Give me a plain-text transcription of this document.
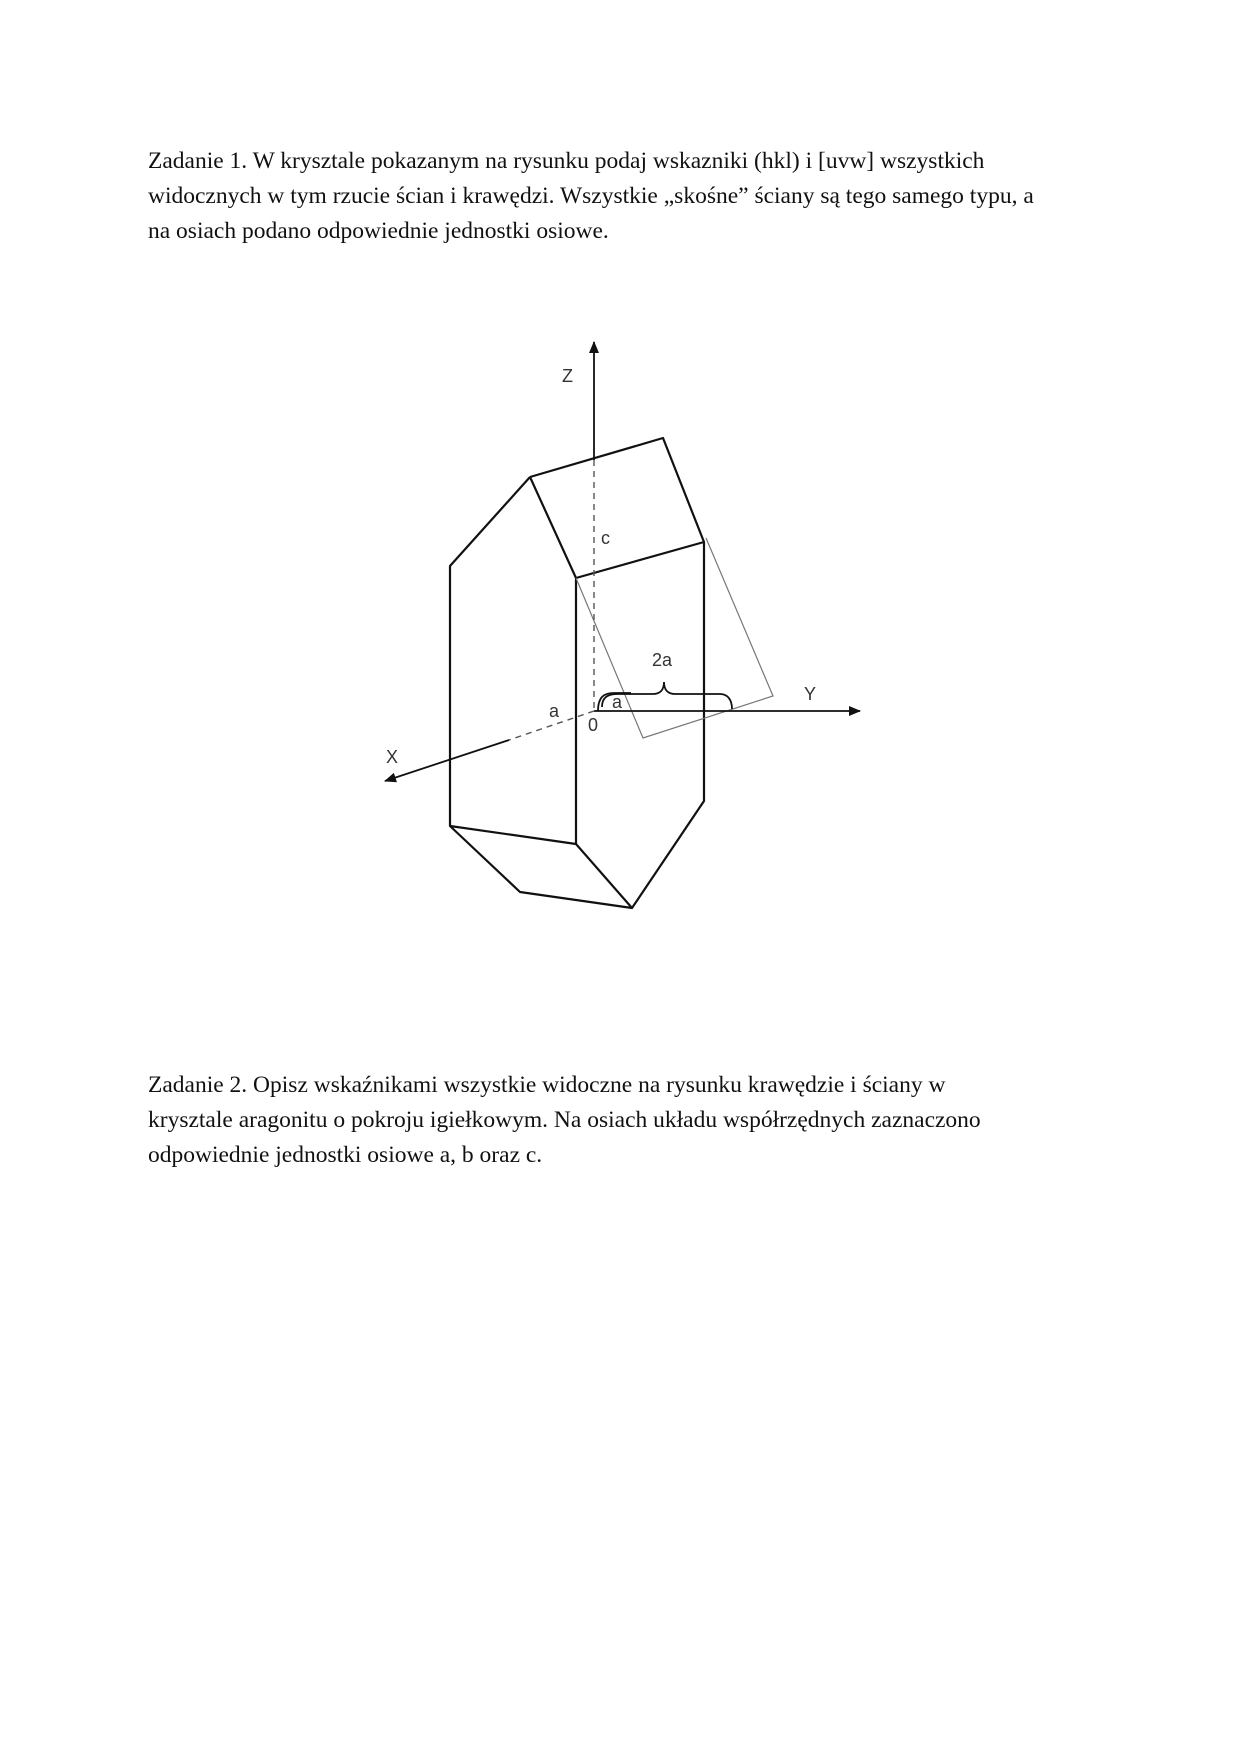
Zadanie 1. W krysztale pokazanym na rysunku podaj wskazniki (hkl) i [uvw] wszystkich
widocznych w tym rzucie ścian i krawędzi. Wszystkie „skośne” ściany są tego samego typu, a
na osiach podano odpowiednie jednostki osiowe.
Z
Y
X
c
2a
a
a
0
Zadanie 2. Opisz wskaźnikami wszystkie widoczne na rysunku krawędzie i ściany w
krysztale aragonitu o pokroju igiełkowym. Na osiach układu współrzędnych zaznaczono
odpowiednie jednostki osiowe a, b oraz c.
